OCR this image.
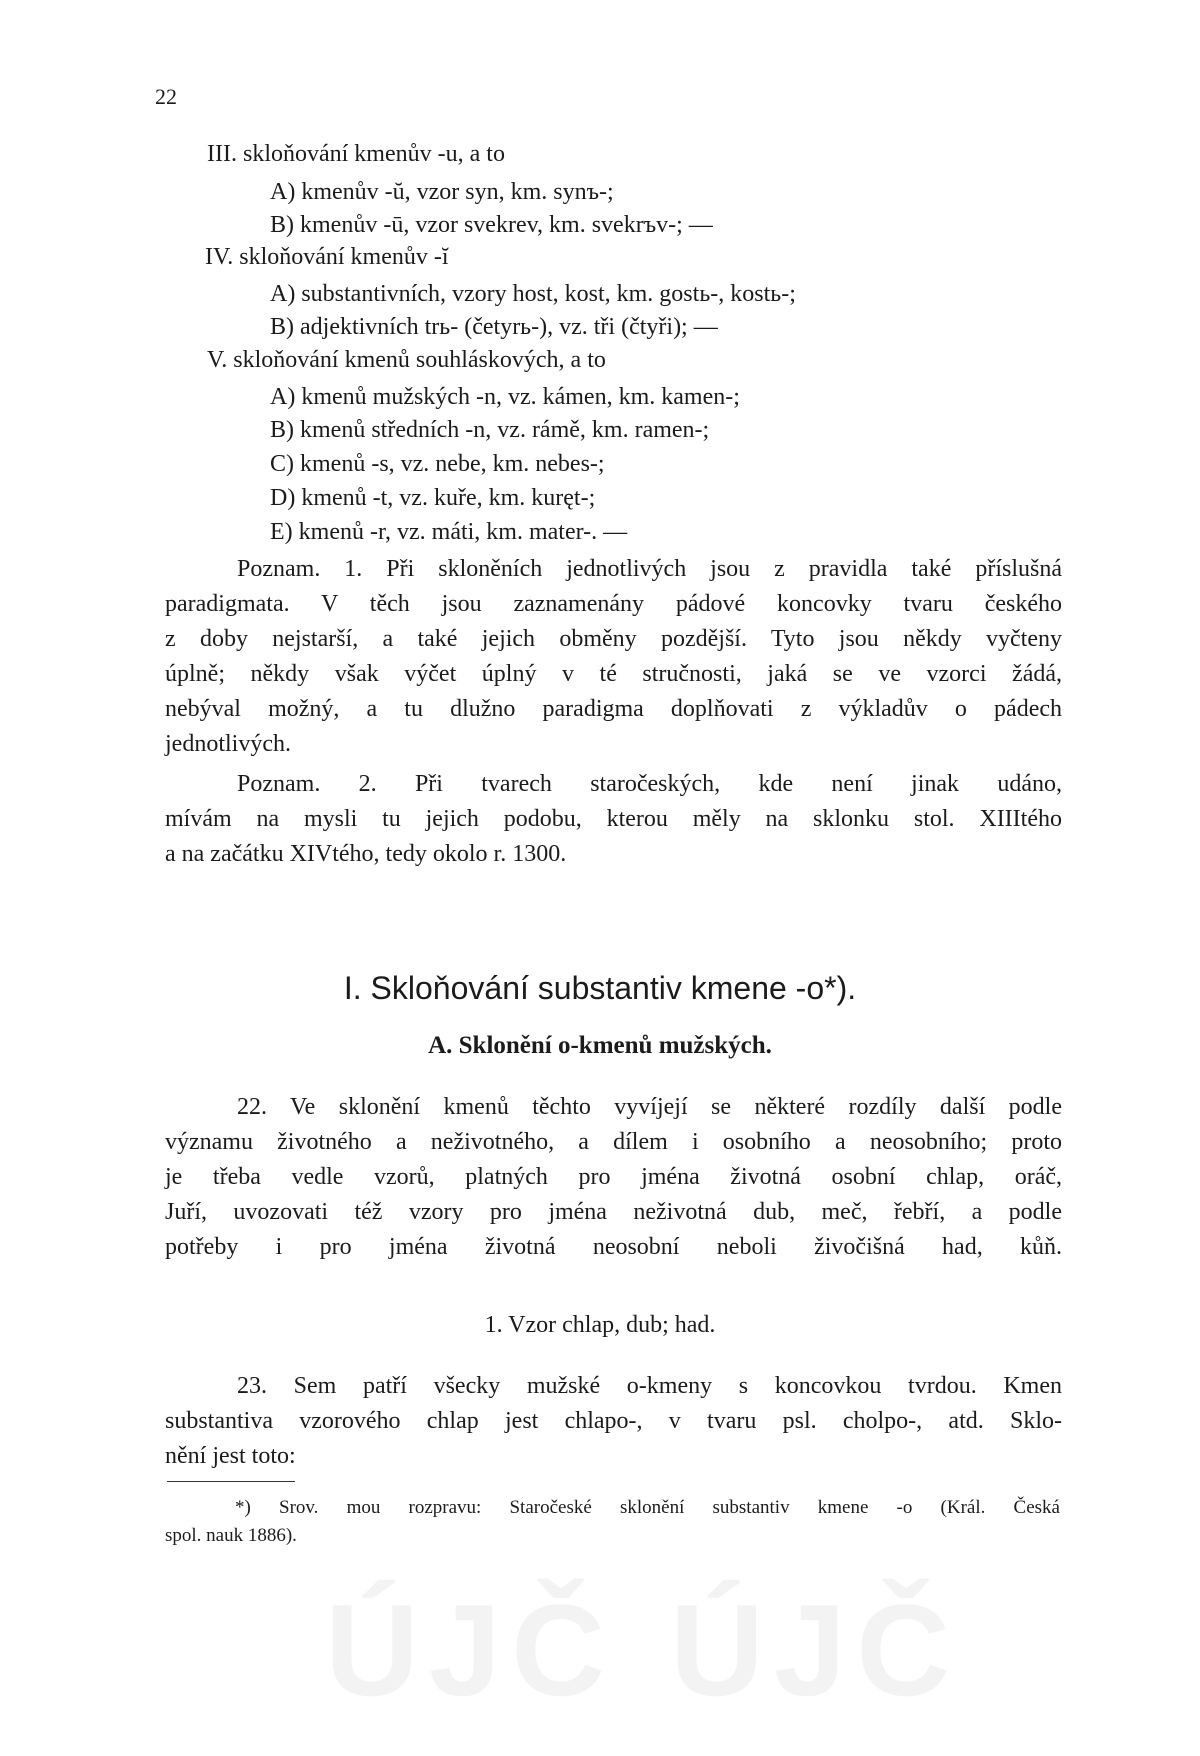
22
III. skloňování kmenův -u, a to
A) kmenův -ŭ, vzor syn, km. synъ-;
B) kmenův -ū, vzor svekrev, km. svekrъv-; —
IV. skloňování kmenův -ĭ
A) substantivních, vzory host, kost, km. gostь-, kostь-;
B) adjektivních trь- (četyrь-), vz. tři (čtyři); —
V. skloňování kmenů souhláskových, a to
A) kmenů mužských -n, vz. kámen, km. kamen-;
B) kmenů středních -n, vz. rámě, km. ramen-;
C) kmenů -s, vz. nebe, km. nebes-;
D) kmenů -t, vz. kuře, km. kuręt-;
E) kmenů -r, vz. máti, km. mater-. —
Poznam. 1. Při skloněních jednotlivých jsou z pravidla také příslušná
paradigmata. V těch jsou zaznamenány pádové koncovky tvaru českého
z doby nejstarší, a také jejich obměny pozdější. Tyto jsou někdy vyčteny
úplně; někdy však výčet úplný v té stručnosti, jaká se ve vzorci žádá,
nebýval možný, a tu dlužno paradigma doplňovati z výkladův o pádech
jednotlivých.
Poznam. 2. Při tvarech staročeských, kde není jinak udáno,
mívám na mysli tu jejich podobu, kterou měly na sklonku stol. XIIItého
a na začátku XIVtého, tedy okolo r. 1300.
I. Skloňování substantiv kmene -o*).
A. Sklonění o-kmenů mužských.
22. Ve sklonění kmenů těchto vyvíjejí se některé rozdíly další podle
významu životného a neživotného, a dílem i osobního a neosobního; proto
je třeba vedle vzorů, platných pro jména životná osobní chlap, oráč,
Juří, uvozovati též vzory pro jména neživotná dub, meč, řebří, a podle
potřeby i pro jména životná neosobní neboli živočišná had, kůň.
1. Vzor chlap, dub; had.
23. Sem patří všecky mužské o-kmeny s koncovkou tvrdou. Kmen
substantiva vzorového chlap jest chlapo-, v tvaru psl. cholpo-, atd. Sklo-
nění jest toto:
*) Srov. mou rozpravu: Staročeské sklonění substantiv kmene -o (Král. Česká
spol. nauk 1886).
ÚJČ ÚJČ
